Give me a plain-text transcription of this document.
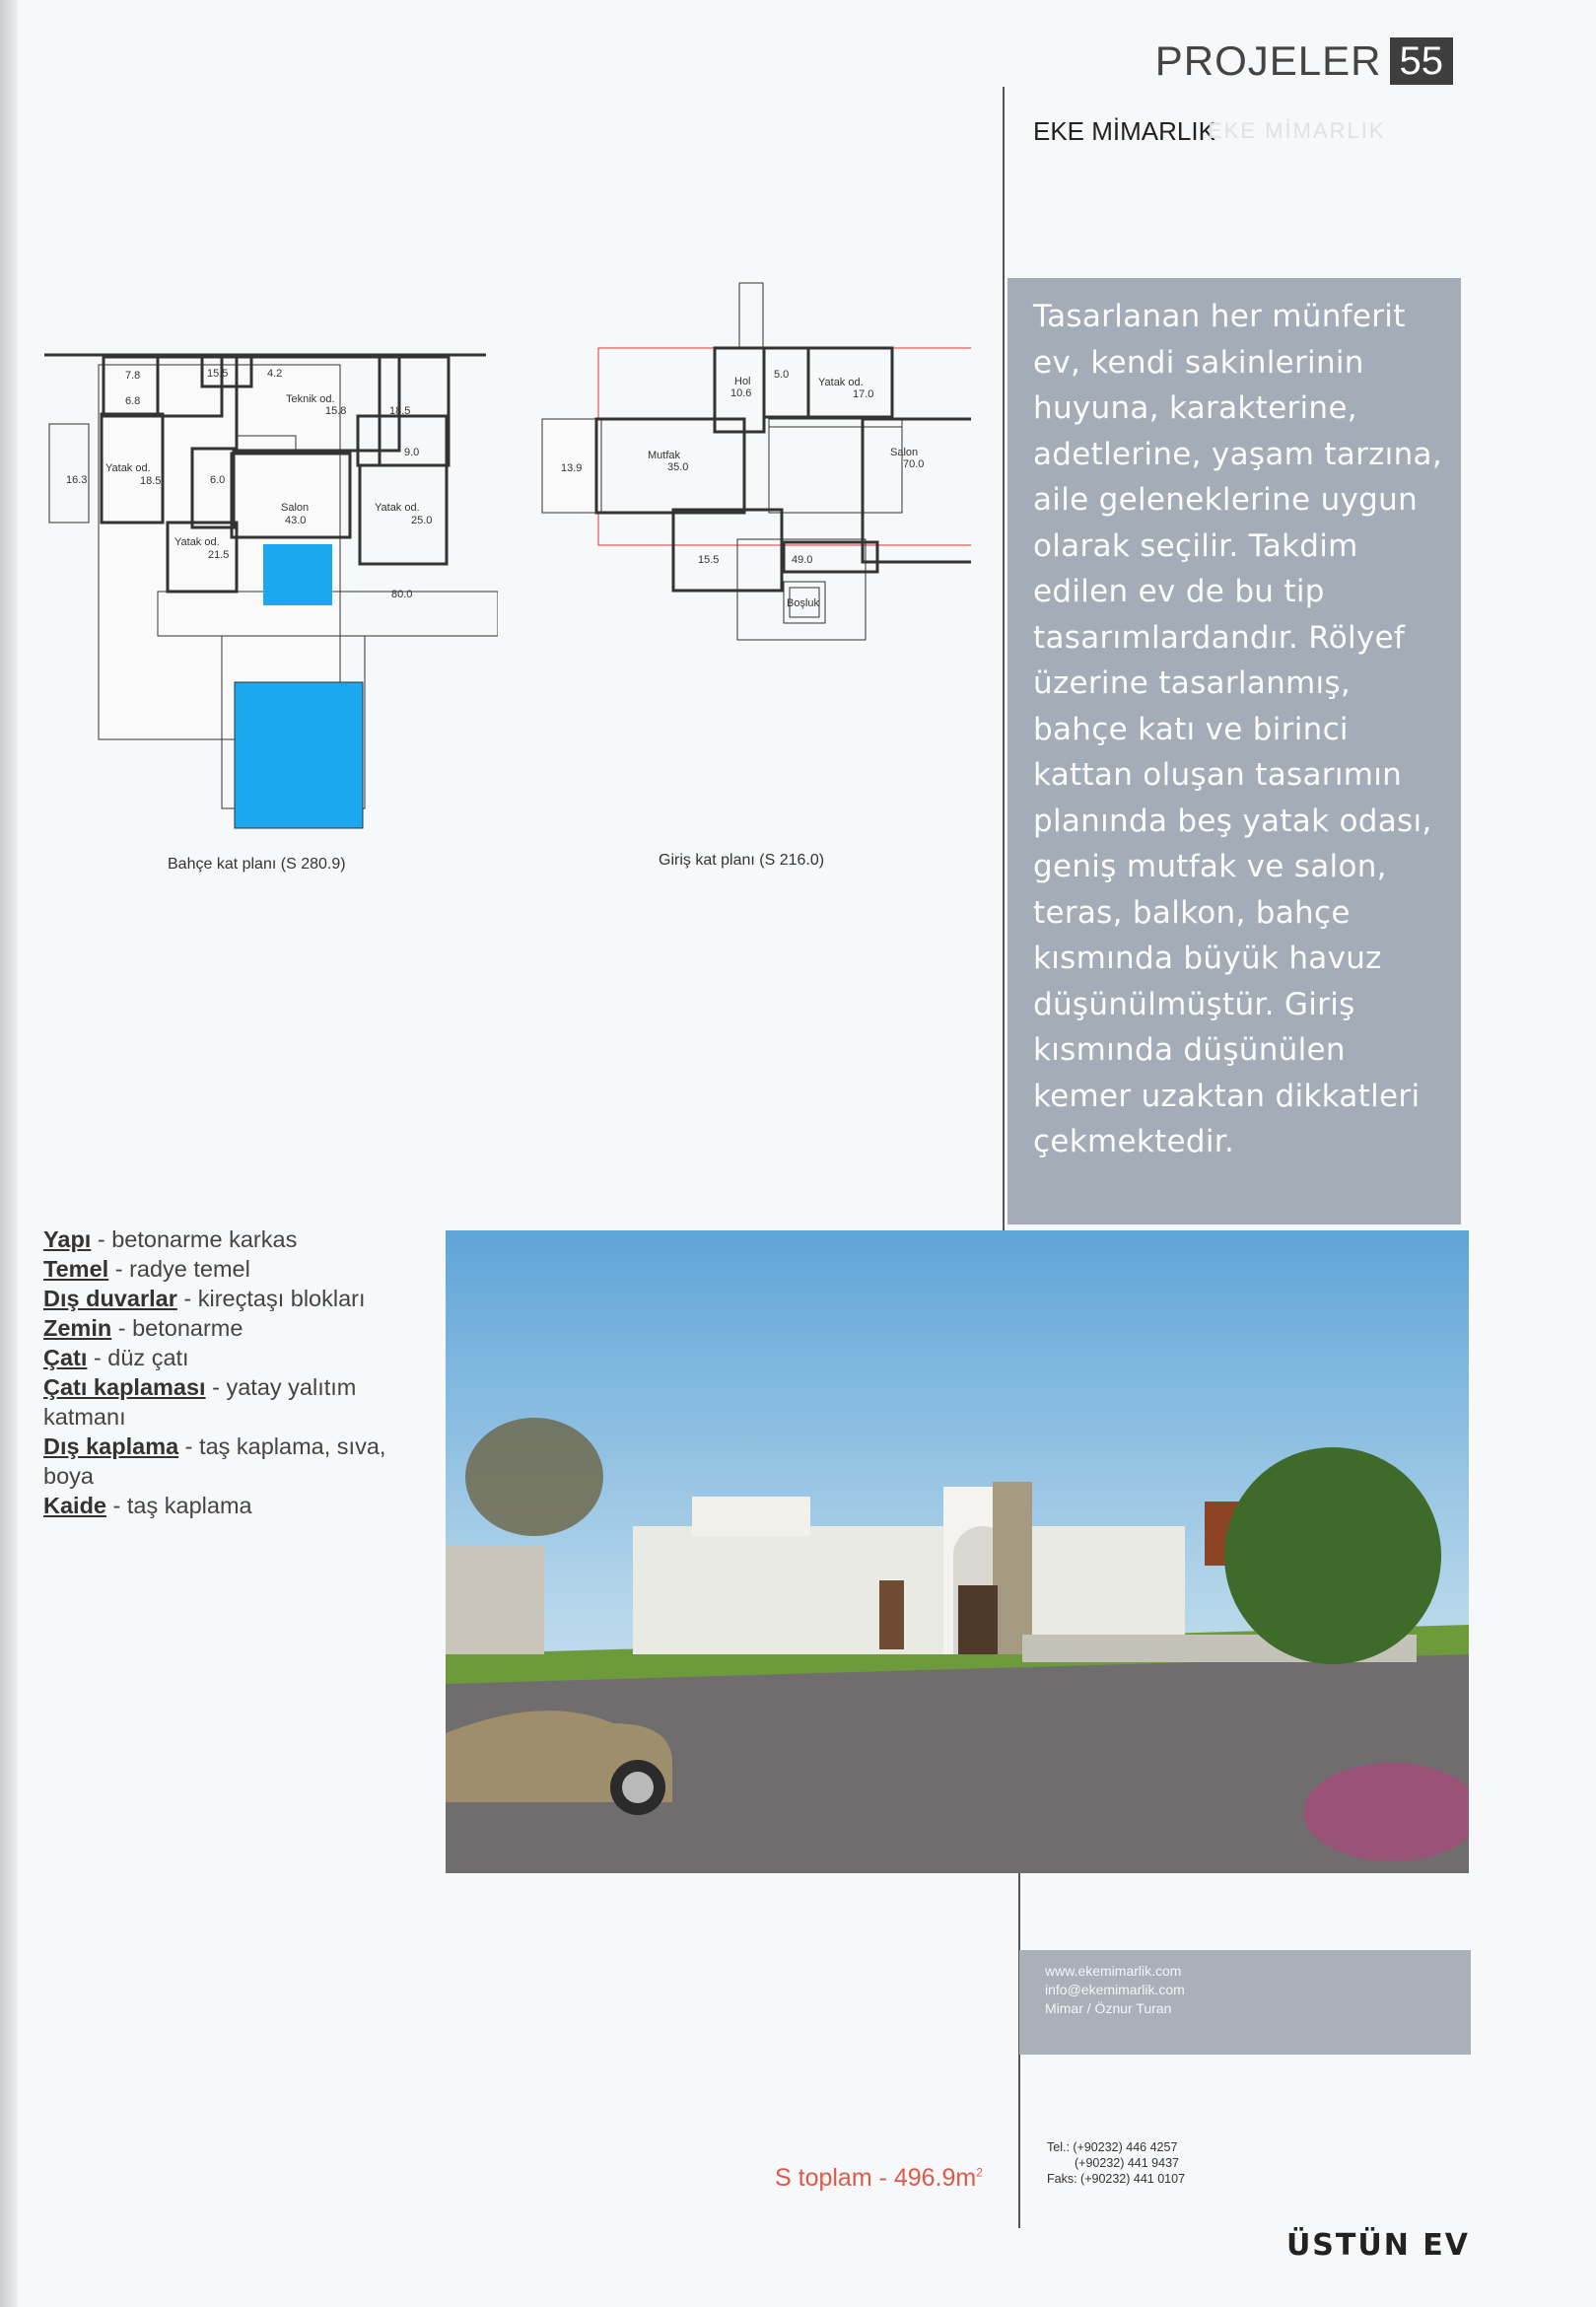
PROJELER 55
EKE MİMARLIK
EKE MİMARLIK
Tasarlanan her münferit ev, kendi sakinlerinin huyuna, karakterine, adetlerine, yaşam tarzına, aile geleneklerine uygun olarak seçilir. Takdim edilen ev de bu tip tasarımlardandır. Rölyef üzerine tasarlanmış, bahçe katı ve birinci kattan oluşan tasarımın planında beş yatak odası, geniş mutfak ve salon, teras, balkon, bahçe kısmında büyük havuz düşünülmüştür. Giriş kısmında düşünülen kemer uzaktan dikkatleri çekmektedir.
7.8
6.8
15.5	4.2
Teknik od.
15.8	18.5
9.0
Yatak od.
18.5
16.3	6.0
Salon
43.0
Yatak od.
25.0
Yatak od.
21.5
80.0
Bahçe kat planı (S 280.9)
Hol
10.6
5.0
Yatak od.
17.0
Mutfak
35.0
13.9
Salon
70.0
15.5	49.0
Boşluk
Giriş kat planı (S 216.0)

Yapı - betonarme karkas

Temel - radye temel

Dış duvarlar - kireçtaşı blokları

Zemin - betonarme

Çatı - düz çatı

Çatı kaplaması - yatay yalıtım katmanı

Dış kaplama - taş kaplama, sıva, boya

Kaide - taş kaplama

www.ekemimarlik.com
info@ekemimarlik.com
Mimar / Öznur Turan
Tel.: (+90232) 446 4257
(+90232) 441 9437
Faks: (+90232) 441 0107
S toplam - $496.9m^2$
ÜSTÜN EV
